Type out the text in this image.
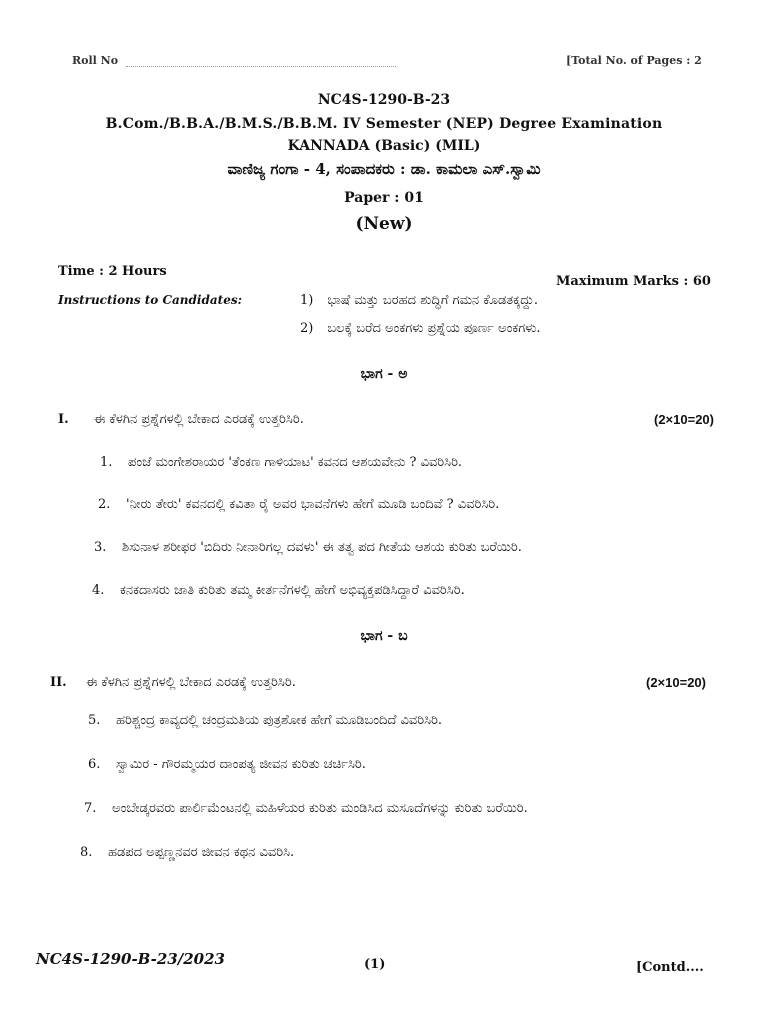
Roll No	[Total No. of Pages : 2
NC4S-1290-B-23
B.Com./B.B.A./B.M.S./B.B.M. IV Semester (NEP) Degree Examination
KANNADA (Basic) (MIL)
ವಾಣಿಜ್ಯ ಗಂಗಾ - 4, ಸಂಪಾದಕರು : ಡಾ. ಕಾಮಲಾ ಎಸ್.ಸ್ವಾಮಿ
Paper : 01
(New)
Time : 2 Hours
Maximum Marks : 60
Instructions to Candidates:	1) ಭಾಷೆ ಮತ್ತು ಬರಹದ ಶುದ್ಧಿಗೆ ಗಮನ ಕೊಡತಕ್ಕದ್ದು.
2) ಬಲಕ್ಕೆ ಬರೆದ ಅಂಕಗಳು ಪ್ರಶ್ನೆಯ ಪೂರ್ಣ ಅಂಕಗಳು.
ಭಾಗ - ಅ
I.	ಈ ಕೆಳಗಿನ ಪ್ರಶ್ನೆಗಳಲ್ಲಿ ಬೇಕಾದ ಎರಡಕ್ಕೆ ಉತ್ತರಿಸಿರಿ.	(2×10=20)
1.	ಪಂಜೆ ಮಂಗೇಶರಾಯರ 'ತೆಂಕಣ ಗಾಳಿಯಾಟ' ಕವನದ ಆಶಯವೇನು ? ವಿವರಿಸಿರಿ.
2.	'ನೀರು ತೇರು' ಕವನದಲ್ಲಿ ಕವಿತಾ ರೈ ಅವರ ಭಾವನೆಗಳು ಹೇಗೆ ಮೂಡಿ ಬಂದಿವೆ ? ವಿವರಿಸಿರಿ.
3.	ಶಿಸುನಾಳ ಶರೀಫರ 'ಬಿದಿರು ನೀನಾರಿಗಲ್ಲ ದವಳು' ಈ ತತ್ವ ಪದ ಗೀತೆಯ ಆಶಯ ಕುರಿತು ಬರೆಯಿರಿ.
4.	ಕನಕದಾಸರು ಜಾತಿ ಕುರಿತು ತಮ್ಮ ಕೀರ್ತನೆಗಳಲ್ಲಿ ಹೇಗೆ ಅಭಿವ್ಯಕ್ತಪಡಿಸಿದ್ದಾರೆ ವಿವರಿಸಿರಿ.
ಭಾಗ - ಬ
II.	ಈ ಕೆಳಗಿನ ಪ್ರಶ್ನೆಗಳಲ್ಲಿ ಬೇಕಾದ ಎರಡಕ್ಕೆ ಉತ್ತರಿಸಿರಿ.	(2×10=20)
5.	ಹರಿಶ್ಚಂದ್ರ ಕಾವ್ಯದಲ್ಲಿ ಚಂದ್ರಮತಿಯ ಪುತ್ರಶೋಕ ಹೇಗೆ ಮೂಡಿಬಂದಿದೆ ವಿವರಿಸಿರಿ.
6.	ಸ್ವಾಮಿರ - ಗೌರಮ್ಮಯರ ದಾಂಪತ್ಯ ಜೀವನ ಕುರಿತು ಚರ್ಚಿಸಿರಿ.
7.	ಅಂಬೇಡ್ಕರವರು ಪಾರ್ಲಿಮೆಂಟನಲ್ಲಿ ಮಹಿಳೆಯರ ಕುರಿತು ಮಂಡಿಸಿದ ಮಸೂದೆಗಳನ್ನು ಕುರಿತು ಬರೆಯಿರಿ.
8.	ಹಡಪದ ಅಪ್ಪಣ್ಣನವರ ಜೀವನ ಕಥನ ವಿವರಿಸಿ.
NC4S-1290-B-23/2023	(1)	[Contd....
